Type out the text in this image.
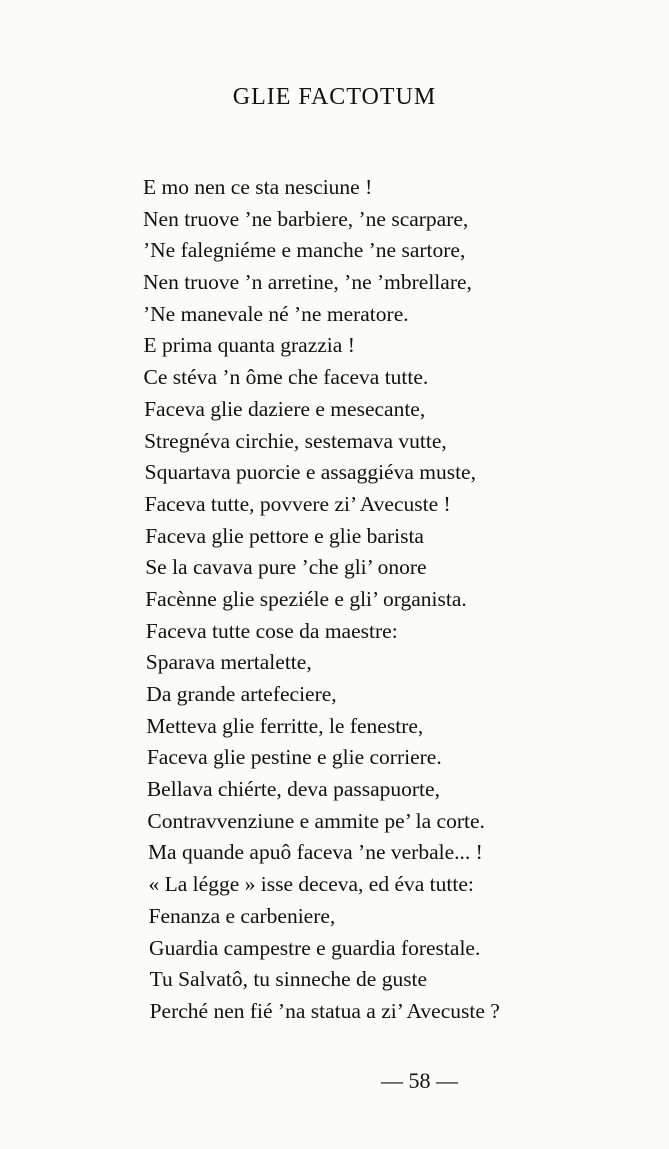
GLIE FACTOTUM
E mo nen ce sta nesciune !
Nen truove ’ne barbiere, ’ne scarpare,
’Ne falegniéme e manche ’ne sartore,
Nen truove ’n arretine, ’ne ’mbrellare,
’Ne manevale né ’ne meratore.
E prima quanta grazzia !
Ce stéva ’n ôme che faceva tutte.
Faceva glie daziere e mesecante,
Stregnéva circhie, sestemava vutte,
Squartava puorcie e assaggiéva muste,
Faceva tutte, povvere zi’ Avecuste !
Faceva glie pettore e glie barista
Se la cavava pure ’che gli’ onore
Facènne glie speziéle e gli’ organista.
Faceva tutte cose da maestre:
Sparava mertalette,
Da grande artefeciere,
Metteva glie ferritte, le fenestre,
Faceva glie pestine e glie corriere.
Bellava chiérte, deva passapuorte,
Contravvenziune e ammite pe’ la corte.
Ma quande apuô faceva ’ne verbale... !
« La légge » isse deceva, ed éva tutte:
Fenanza e carbeniere,
Guardia campestre e guardia forestale.
Tu Salvatô, tu sinneche de guste
Perché nen fié ’na statua a zi’ Avecuste ?
— 58 —
